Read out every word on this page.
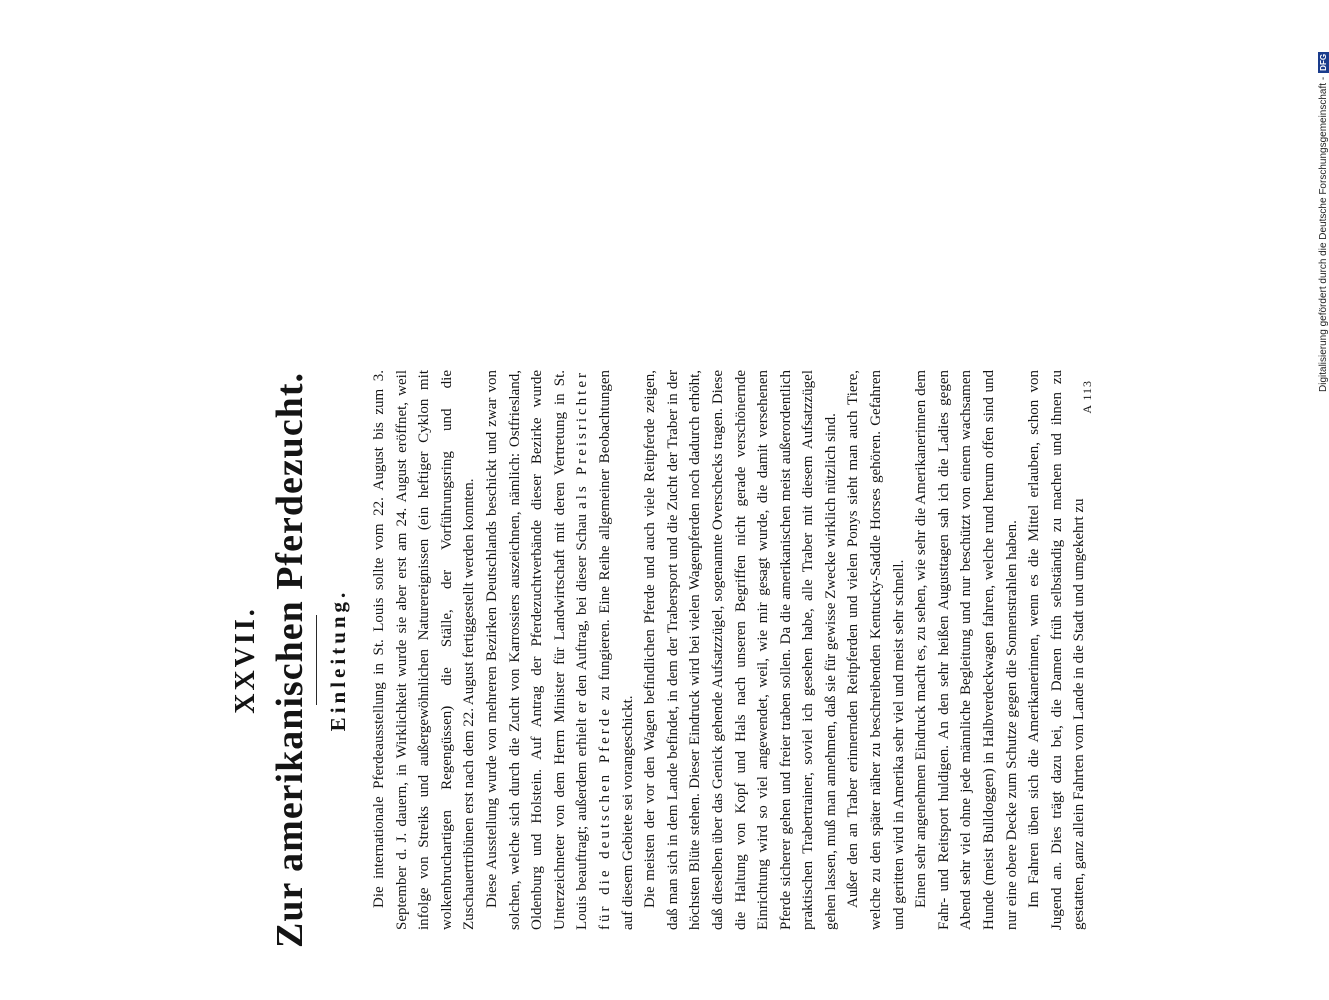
XXVII. Zur amerikanischen Pferdezucht. Einleitung. Die internationale Pferdeausstellung in St. Louis sollte vom 22. August bis zum 3. September d. J. dauern, in Wirklichkeit wurde sie aber erst am 24. August eröffnet, weil infolge von Streiks und außergewöhnlichen Naturereignissen (ein heftiger Cyklon mit wolkenbruchartigen Regengüssen) die Ställe, der Vorführungsring und die Zuschauertribünen erst nach dem 22. August fertiggestellt werden konnten. Diese Ausstellung wurde von mehreren Bezirken Deutschlands beschickt und zwar von solchen, welche sich durch die Zucht von Karrossiers auszeichnen, nämlich: Ostfriesland, Oldenburg und Holstein. Auf Antrag der Pferdezuchtverbände dieser Bezirke wurde Unterzeichneter von dem Herrn Minister für Landwirtschaft mit deren Vertretung in St. Louis beauftragt; außerdem erhielt er den Auftrag, bei dieser Schau als Preisrichter für die deutschen Pferde zu fungieren. Eine Reihe allgemeiner Beobachtungen auf diesem Gebiete sei vorangeschickt. Die meisten der vor den Wagen befindlichen Pferde und auch viele Reitpferde zeigen, daß man sich in dem Lande befindet, in dem der Trabersport und die Zucht der Traber in der höchsten Blüte stehen. Dieser Eindruck wird bei vielen Wagenpferden noch dadurch erhöht, daß dieselben über das Genick gehende Aufsatzzügel, sogenannte Overschecks tragen. Diese die Haltung von Kopf und Hals nach unseren Begriffen nicht gerade verschönernde Einrichtung wird so viel angewendet, weil, wie mir gesagt wurde, die damit versehenen Pferde sicherer gehen und freier traben sollen. Da die amerikanischen meist außerordentlich praktischen Trabertrainer, soviel ich gesehen habe, alle Traber mit diesem Aufsatzzügel gehen lassen, muß man annehmen, daß sie für gewisse Zwecke wirklich nützlich sind. Außer den an Traber erinnernden Reitpferden und vielen Ponys sieht man auch Tiere, welche zu den später näher zu beschreibenden Kentucky-Saddle Horses gehören. Gefahren und geritten wird in Amerika sehr viel und meist sehr schnell. Einen sehr angenehmen Eindruck macht es, zu sehen, wie sehr die Amerikanerinnen dem Fahr- und Reitsport huldigen. An den sehr heißen Augusttagen sah ich die Ladies gegen Abend sehr viel ohne jede männliche Begleitung und nur beschützt von einem wachsamen Hunde (meist Bulldoggen) in Halbverdeckwagen fahren, welche rund herum offen sind und nur eine obere Decke zum Schutze gegen die Sonnenstrahlen haben. Im Fahren üben sich die Amerikanerinnen, wenn es die Mittel erlauben, schon von Jugend an. Dies trägt dazu bei, die Damen früh selbständig zu machen und ihnen zu gestatten, ganz allein Fahrten vom Lande in die Stadt und umgekehrt zu

A 113
Digitalisierung gefördert durch die Deutsche Forschungsgemeinschaft -
DFG
